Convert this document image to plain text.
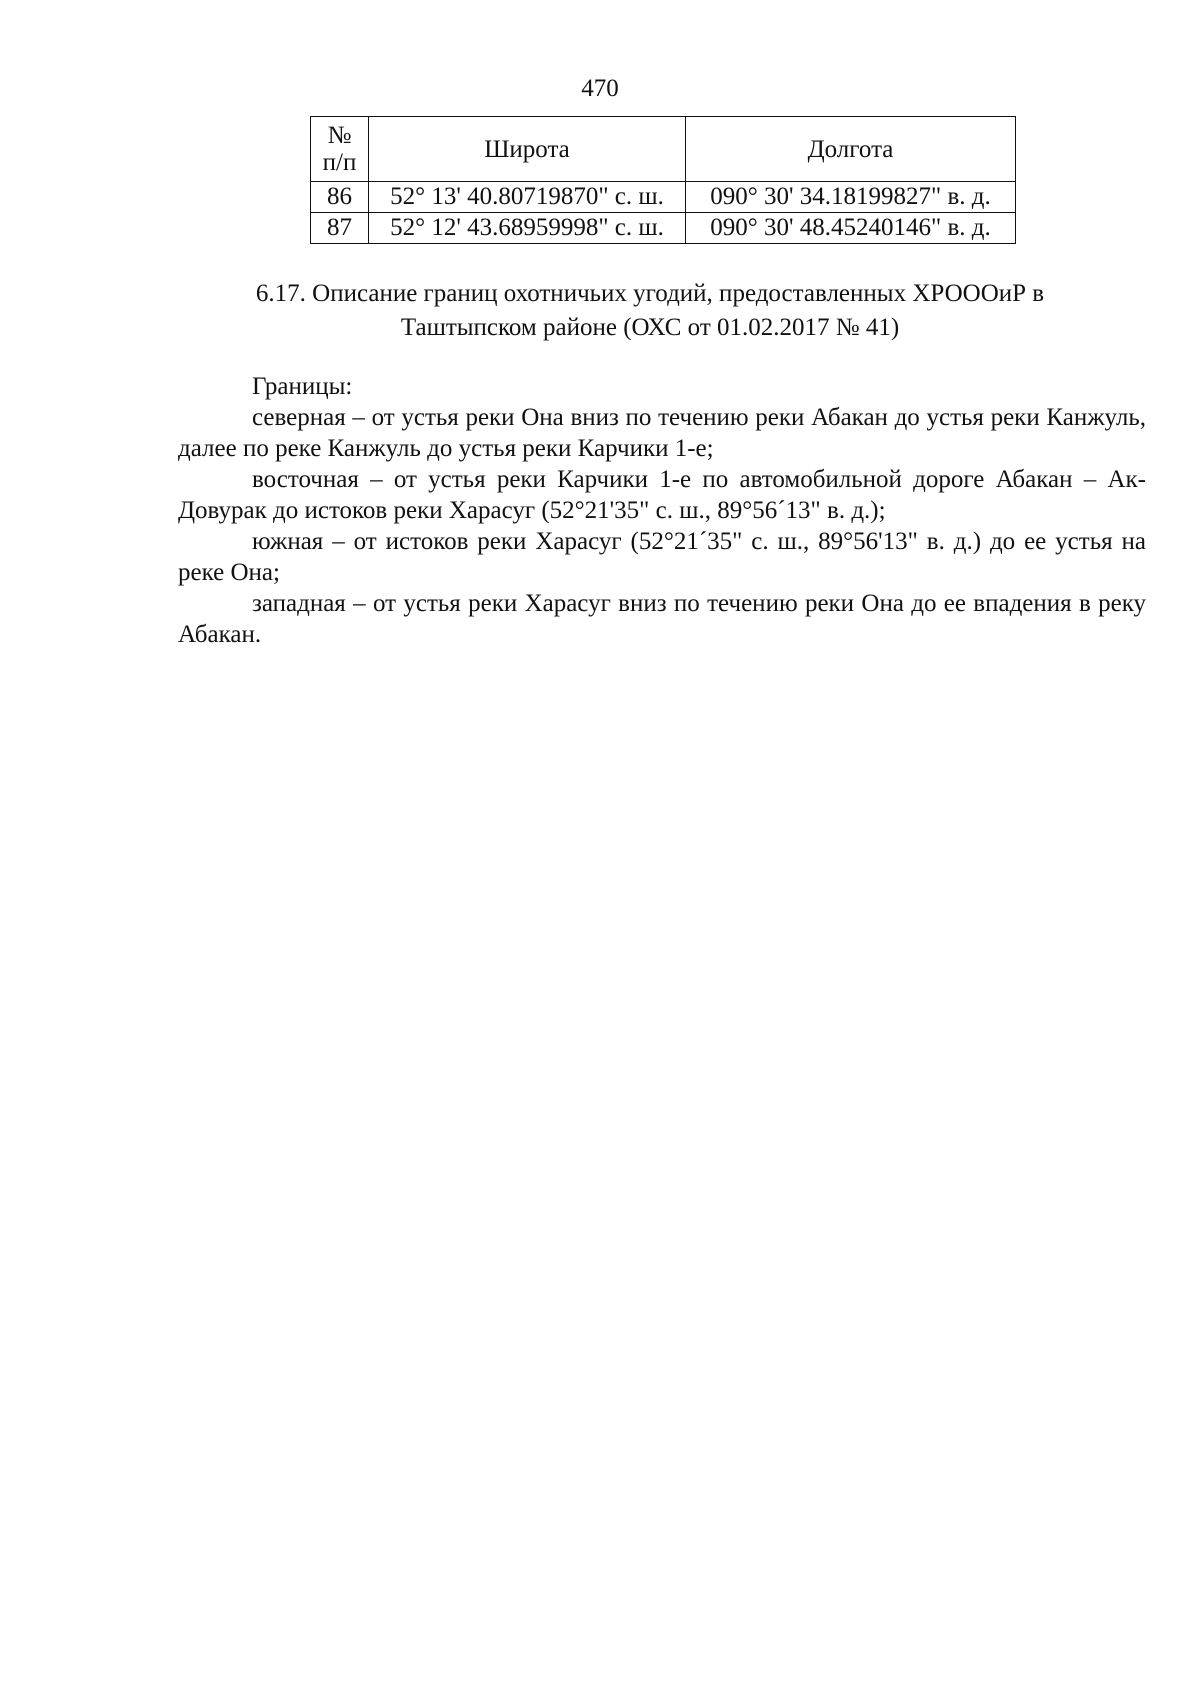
470
№
п/п	Широта	Долгота
86	52° 13' 40.80719870" с. ш.	090° 30' 34.18199827" в. д.
87	52° 12' 43.68959998" с. ш.	090° 30' 48.45240146" в. д.
6.17. Описание границ охотничьих угодий, предоставленных ХРОООиР в
Таштыпском районе (ОХС от 01.02.2017 № 41)

Границы:

северная – от устья реки Она вниз по течению реки Абакан до устья реки Канжуль, далее по реке Канжуль до устья реки Карчики 1-е;

восточная – от устья реки Карчики 1-е по автомобильной дороге Абакан – Ак-Довурак до истоков реки Харасуг (52°21'35" с. ш., 89°56´13" в. д.);

южная – от истоков реки Харасуг (52°21´35" с. ш., 89°56'13" в. д.) до ее устья на реке Она;

западная – от устья реки Харасуг вниз по течению реки Она до ее впадения в реку Абакан.
